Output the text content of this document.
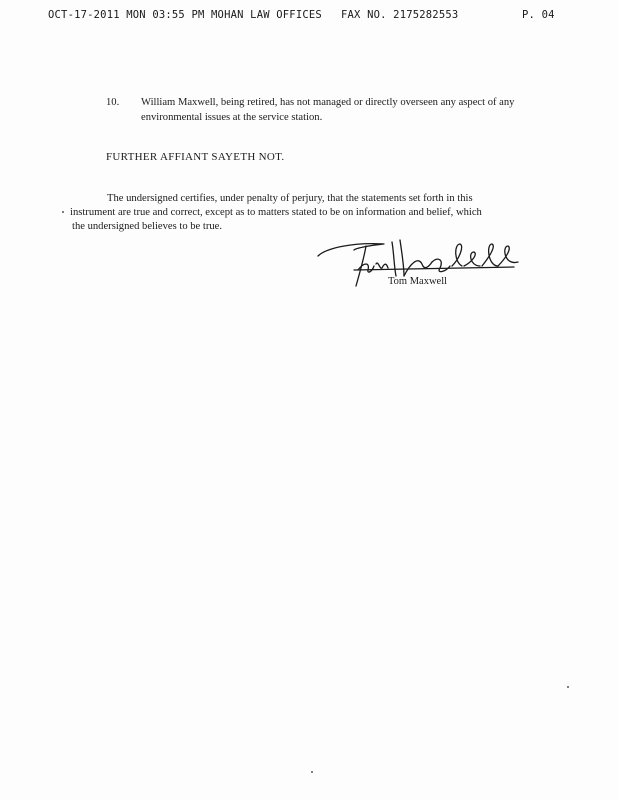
OCT-17-2011 MON 03:55 PM MOHAN LAW OFFICES FAX NO. 2175282553	P. 04
10. William Maxwell, being retired, has not managed or directly overseen any aspect of any environmental issues at the service station.
FURTHER AFFIANT SAYETH NOT.
The undersigned certifies, under penalty of perjury, that the statements set forth in this
instrument are true and correct, except as to matters stated to be on information and belief, which
the undersigned believes to be true.
Tom Maxwell
